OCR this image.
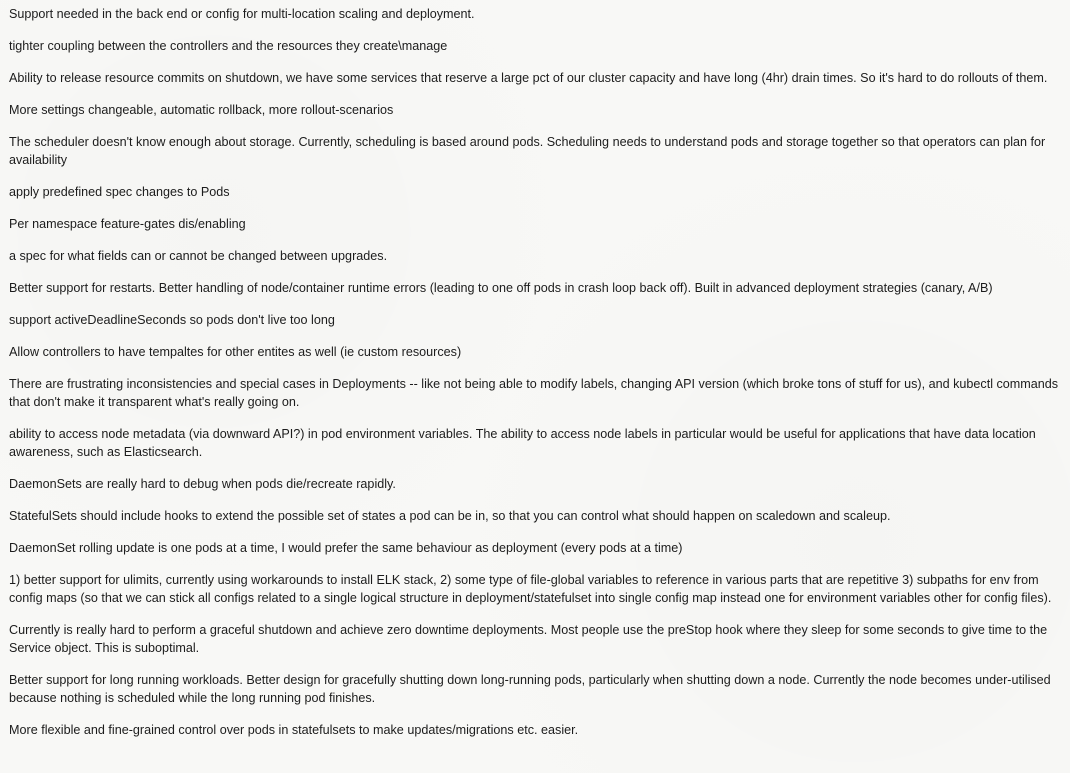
Support needed in the back end or config for multi-location scaling and deployment.

tighter coupling between the controllers and the resources they create\manage

Ability to release resource commits on shutdown, we have some services that reserve a large pct of our cluster capacity and have long (4hr) drain times. So it's hard to do rollouts of them.

More settings changeable, automatic rollback, more rollout-scenarios

The scheduler doesn't know enough about storage. Currently, scheduling is based around pods. Scheduling needs to understand pods and storage together so that operators can plan for availability

apply predefined spec changes to Pods

Per namespace feature-gates dis/enabling

a spec for what fields can or cannot be changed between upgrades.

Better support for restarts. Better handling of node/container runtime errors (leading to one off pods in crash loop back off). Built in advanced deployment strategies (canary, A/B)

support activeDeadlineSeconds so pods don't live too long

Allow controllers to have tempaltes for other entites as well (ie custom resources)

There are frustrating inconsistencies and special cases in Deployments -- like not being able to modify labels, changing API version (which broke tons of stuff for us), and kubectl commands that don't make it transparent what's really going on.

ability to access node metadata (via downward API?) in pod environment variables. The ability to access node labels in particular would be useful for applications that have data location awareness, such as Elasticsearch.

DaemonSets are really hard to debug when pods die/recreate rapidly.

StatefulSets should include hooks to extend the possible set of states a pod can be in, so that you can control what should happen on scaledown and scaleup.

DaemonSet rolling update is one pods at a time, I would prefer the same behaviour as deployment (every pods at a time)

1) better support for ulimits, currently using workarounds to install ELK stack, 2) some type of file-global variables to reference in various parts that are repetitive 3) subpaths for env from config maps (so that we can stick all configs related to a single logical structure in deployment/statefulset into single config map instead one for environment variables other for config files).

Currently is really hard to perform a graceful shutdown and achieve zero downtime deployments. Most people use the preStop hook where they sleep for some seconds to give time to the Service object. This is suboptimal.

Better support for long running workloads. Better design for gracefully shutting down long-running pods, particularly when shutting down a node. Currently the node becomes under-utilised because nothing is scheduled while the long running pod finishes.

More flexible and fine-grained control over pods in statefulsets to make updates/migrations etc. easier.
